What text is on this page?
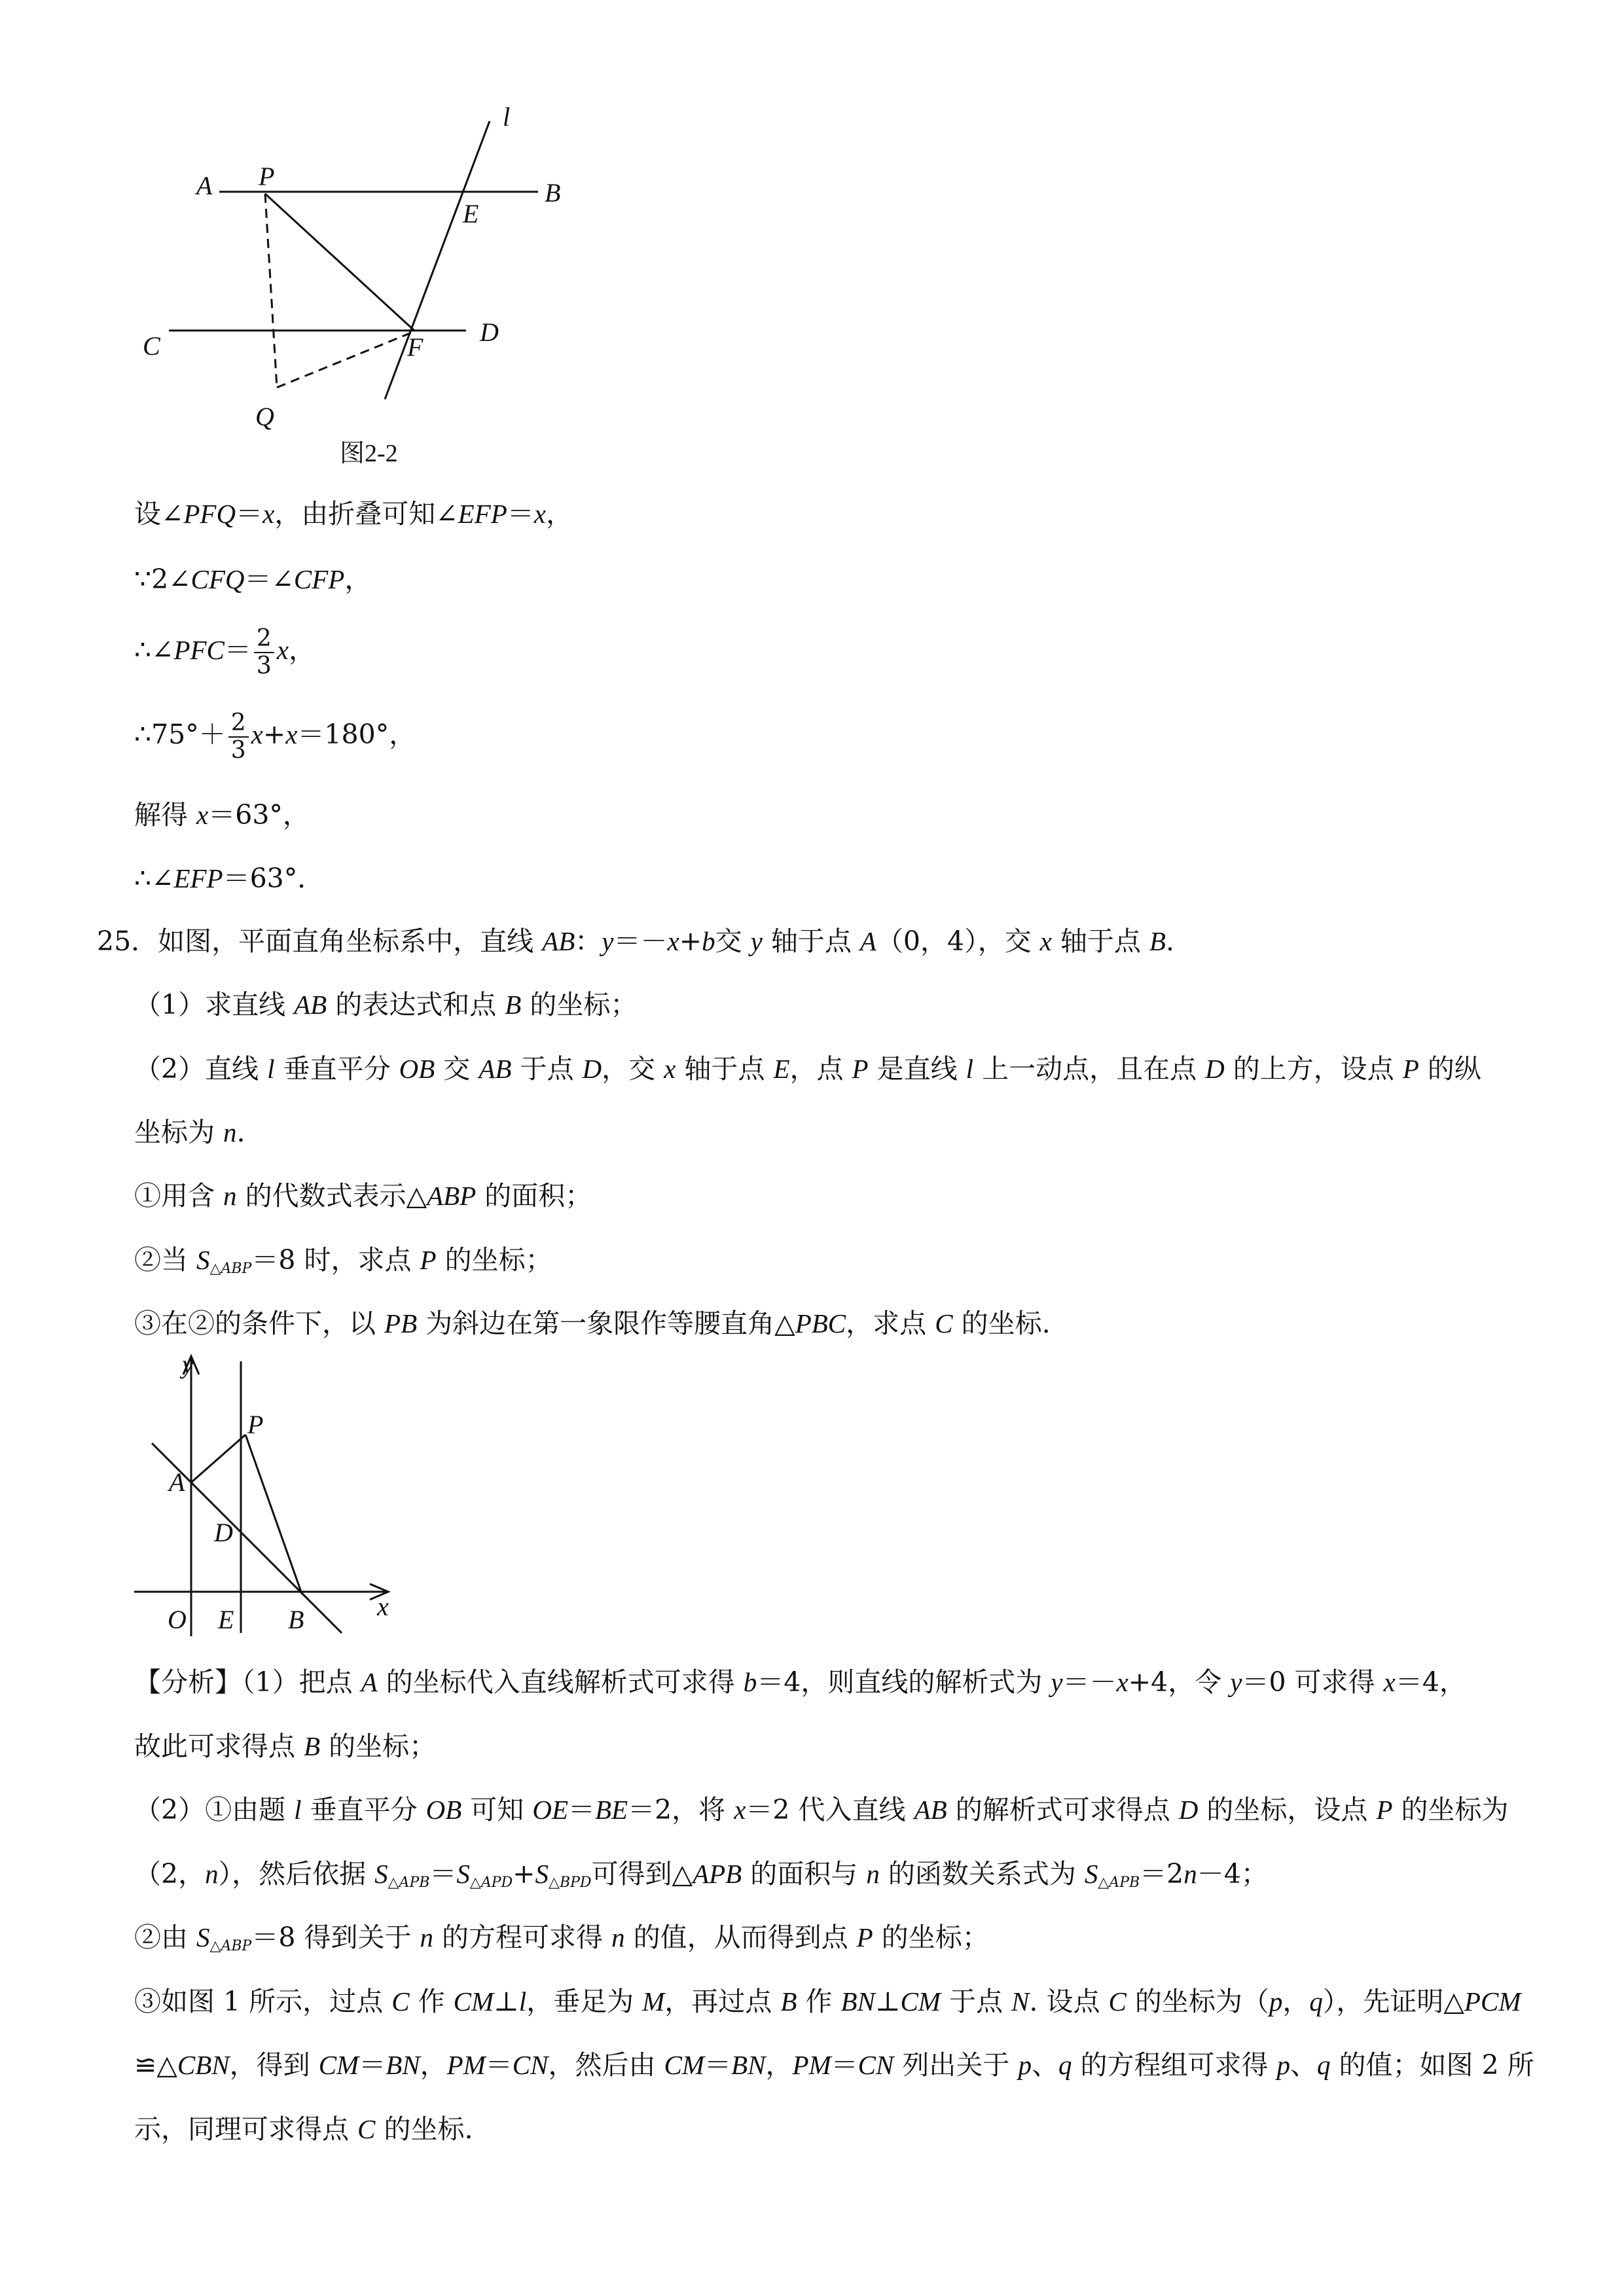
A P
B
E
l
C	D
F
Q
图2-2
设∠PFQ＝x，由折叠可知∠EFP＝x，
∵2∠CFQ＝∠CFP，
∴∠PFC＝ $\frac{2}{3}$ x，
∴75°＋ $\frac{2}{3} x+x=180^\circ$，
解得 x＝63°，
∴∠EFP＝63°．
25．如图，平面直角坐标系中，直线 AB：y＝－x+b交 y 轴于点 A（0，4），交 x 轴于点 B.
（1）求直线 AB 的表达式和点 B 的坐标；
（2）直线 l 垂直平分 OB 交 AB 于点 D，交 x 轴于点 E，点 P 是直线 l 上一动点，且在点 D 的上方，设点 P 的纵
坐标为 n.
①用含 n 的代数式表示△ABP 的面积；
②当 $S_{\triangle ABP}=8$ 时，求点 P 的坐标；
③在②的条件下，以 PB 为斜边在第一象限作等腰直角△PBC，求点 C 的坐标.
y
x
P
A
D
O E B
【分析】（1）把点 A 的坐标代入直线解析式可求得 b＝4，则直线的解析式为 y＝－x+4，令 y＝0 可求得 x＝4，
故此可求得点 B 的坐标；
（2）①由题 l 垂直平分 OB 可知 OE＝BE＝2，将 x＝2 代入直线 AB 的解析式可求得点 D 的坐标，设点 P 的坐标为
（2，n），然后依据 $S_{\triangle APB}=S_{\triangle APD}+S_{\triangle BPD}$可得到△APB 的面积与 n 的函数关系式为 $S_{\triangle APB}=2n-4$；
②由 $S_{\triangle ABP}=8$ 得到关于 n 的方程可求得 n 的值，从而得到点 P 的坐标；
③如图 1 所示，过点 C 作 CM⊥l，垂足为 M，再过点 B 作 BN⊥CM 于点 N. 设点 C 的坐标为（p，q），先证明△PCM
≌△CBN，得到 CM＝BN，PM＝CN，然后由 CM＝BN，PM＝CN 列出关于 p、q 的方程组可求得 p、q 的值；如图 2 所
示，同理可求得点 C 的坐标.
